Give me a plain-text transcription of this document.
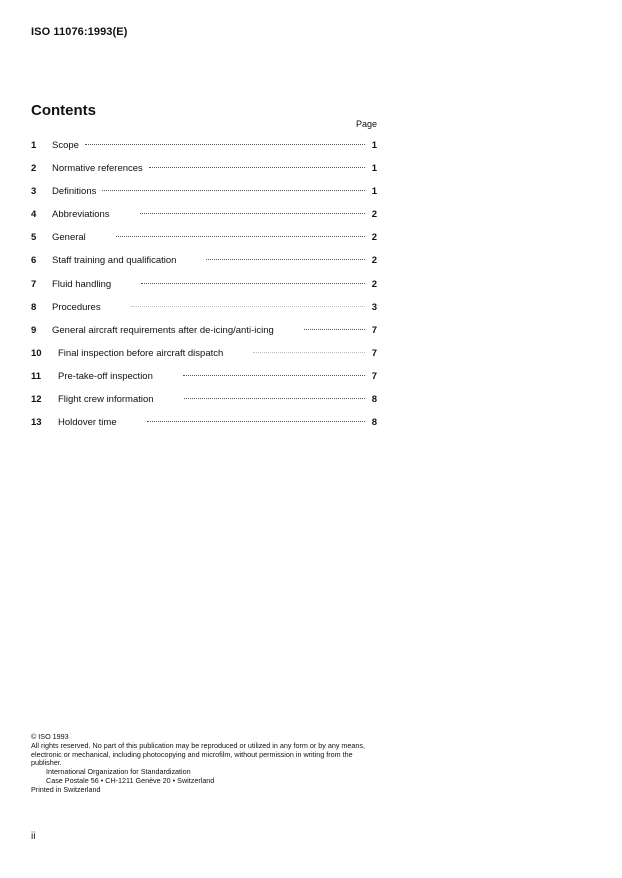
ISO 11076:1993(E)
Contents
Page
1	Scope	1
2	Normative references	1
3	Definitions	1
4	Abbreviations	2
5	General	2
6	Staff training and qualification	2
7	Fluid handling	2
8	Procedures	3
9	General aircraft requirements after de-icing/anti-icing	7
10	Final inspection before aircraft dispatch	7
11	Pre-take-off inspection	7
12	Flight crew information	8
13	Holdover time	8

© ISO 1993

All rights reserved. No part of this publication may be reproduced or utilized in any form or by any means, electronic or mechanical, including photocopying and microfilm, without permission in writing from the publisher.

International Organization for Standardization

Case Postale 56 • CH-1211 Genève 20 • Switzerland

Printed in Switzerland

ii
